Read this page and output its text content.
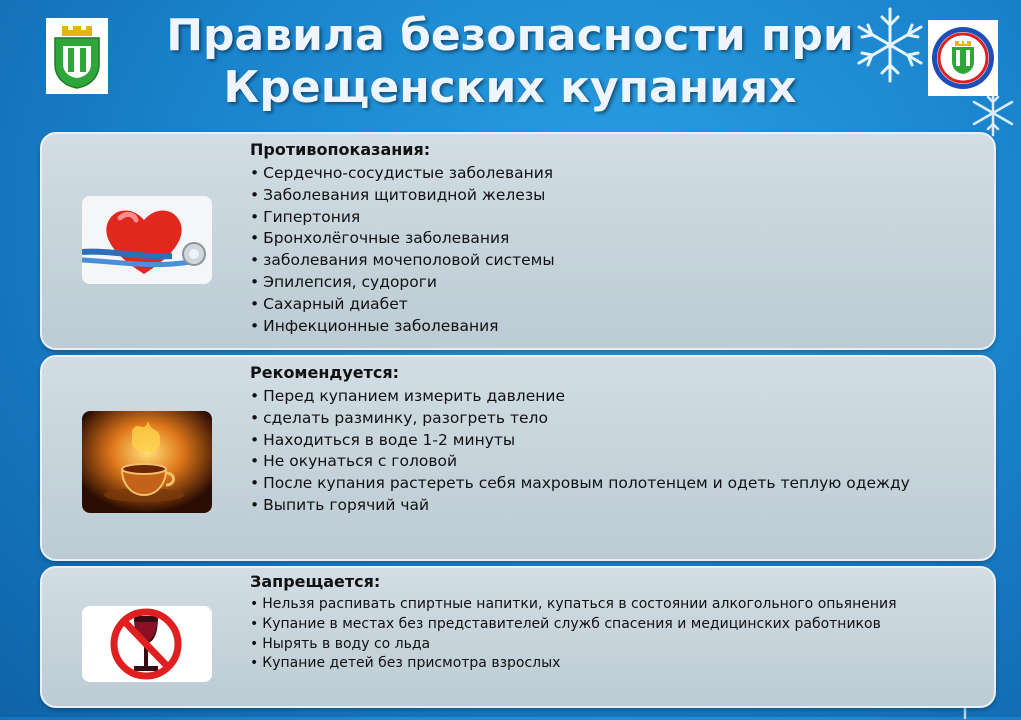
Правила безопасности при
Крещенских купаниях
Противопоказания:
• Сердечно-сосудистые заболевания
• Заболевания щитовидной железы
• Гипертония
• Бронхолёгочные заболевания
• заболевания мочеполовой системы
• Эпилепсия, судороги
• Сахарный диабет
• Инфекционные заболевания
Рекомендуется:
• Перед купанием измерить давление
• сделать разминку, разогреть тело
• Находиться в воде 1-2 минуты
• Не окунаться с головой
• После купания растереть себя махровым полотенцем и одеть теплую одежду
• Выпить горячий чай
Запрещается:
• Нельзя распивать спиртные напитки, купаться в состоянии алкогольного опьянения
• Купание в местах без представителей служб спасения и медицинских работников
• Нырять в воду со льда
• Купание детей без присмотра взрослых
